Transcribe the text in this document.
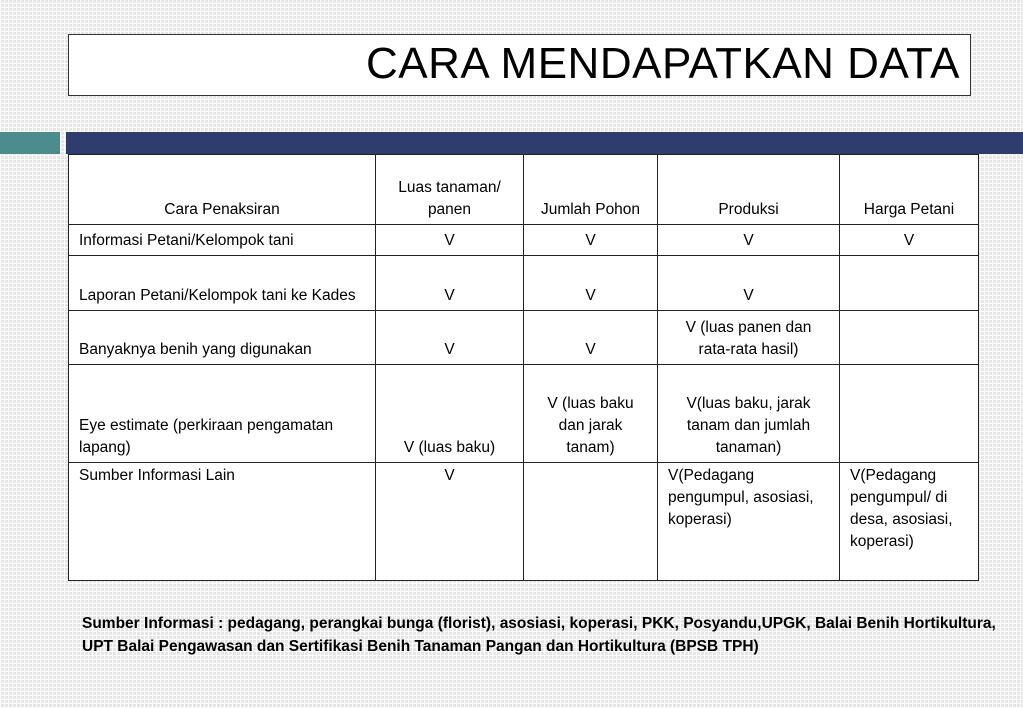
CARA MENDAPATKAN DATA
Cara Penaksiran	Luas tanaman/ panen	Jumlah Pohon	Produksi	Harga Petani
Informasi Petani/Kelompok tani	V	V	V	V
Laporan Petani/Kelompok tani ke Kades	V	V	V	
Banyaknya benih yang digunakan	V	V	V (luas panen dan rata-rata hasil)	
Eye estimate (perkiraan pengamatan lapang)	V (luas baku)	V (luas baku dan jarak tanam)	V(luas baku, jarak tanam dan jumlah tanaman)	
Sumber Informasi Lain	V		V(Pedagang pengumpul, asosiasi, koperasi)	V(Pedagang pengumpul/ di desa, asosiasi, koperasi)
Sumber Informasi : pedagang, perangkai bunga (florist), asosiasi, koperasi, PKK, Posyandu,UPGK, Balai Benih Hortikultura, UPT Balai Pengawasan dan Sertifikasi Benih Tanaman Pangan dan Hortikultura (BPSB TPH)
